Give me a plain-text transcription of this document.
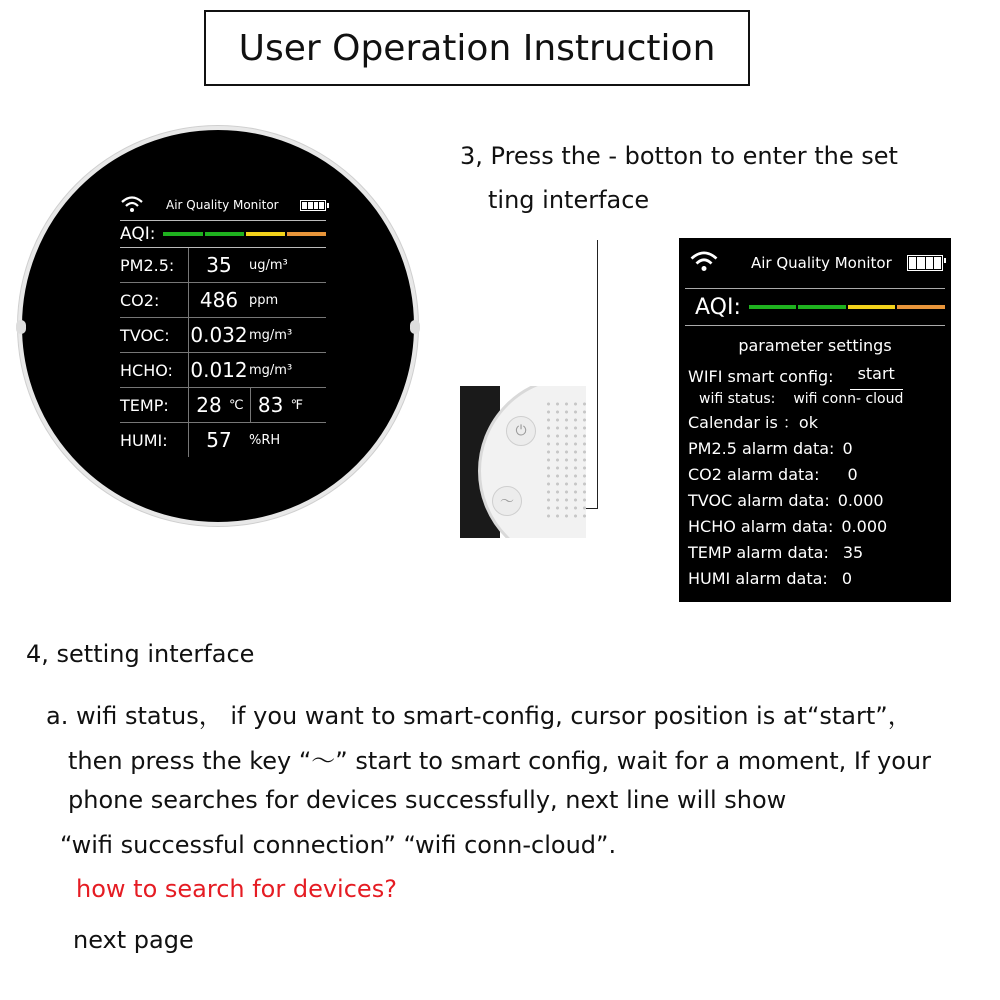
User Operation Instruction
Air Quality Monitor
AQI:
PM2.5:	35	ug/m³
CO2:	486 ppm
TVOC:	0.032 mg/m³
HCHO: 0.012 mg/m³
TEMP:	28 ℃ 83 ℉
HUMI:	57	%RH
3, Press the - botton to enter the set
ting interface
⏻
〜
Air Quality Monitor
AQI:
parameter settings
WIFI smart config:	start
wifi status: wifi conn- cloud
Calendar is ：ok
PM2.5 alarm data: 0
CO2 alarm data: 0
TVOC alarm data: 0.000
HCHO alarm data: 0.000
TEMP alarm data: 35
HUMI alarm data: 0
4, setting interface
a. wifi status， if you want to smart-config, cursor position is at“start”，
then press the key “～” start to smart config, wait for a moment, If your
phone searches for devices successfully, next line will show
“wifi successful connection” “wifi conn-cloud”.
how to search for devices?
next page
